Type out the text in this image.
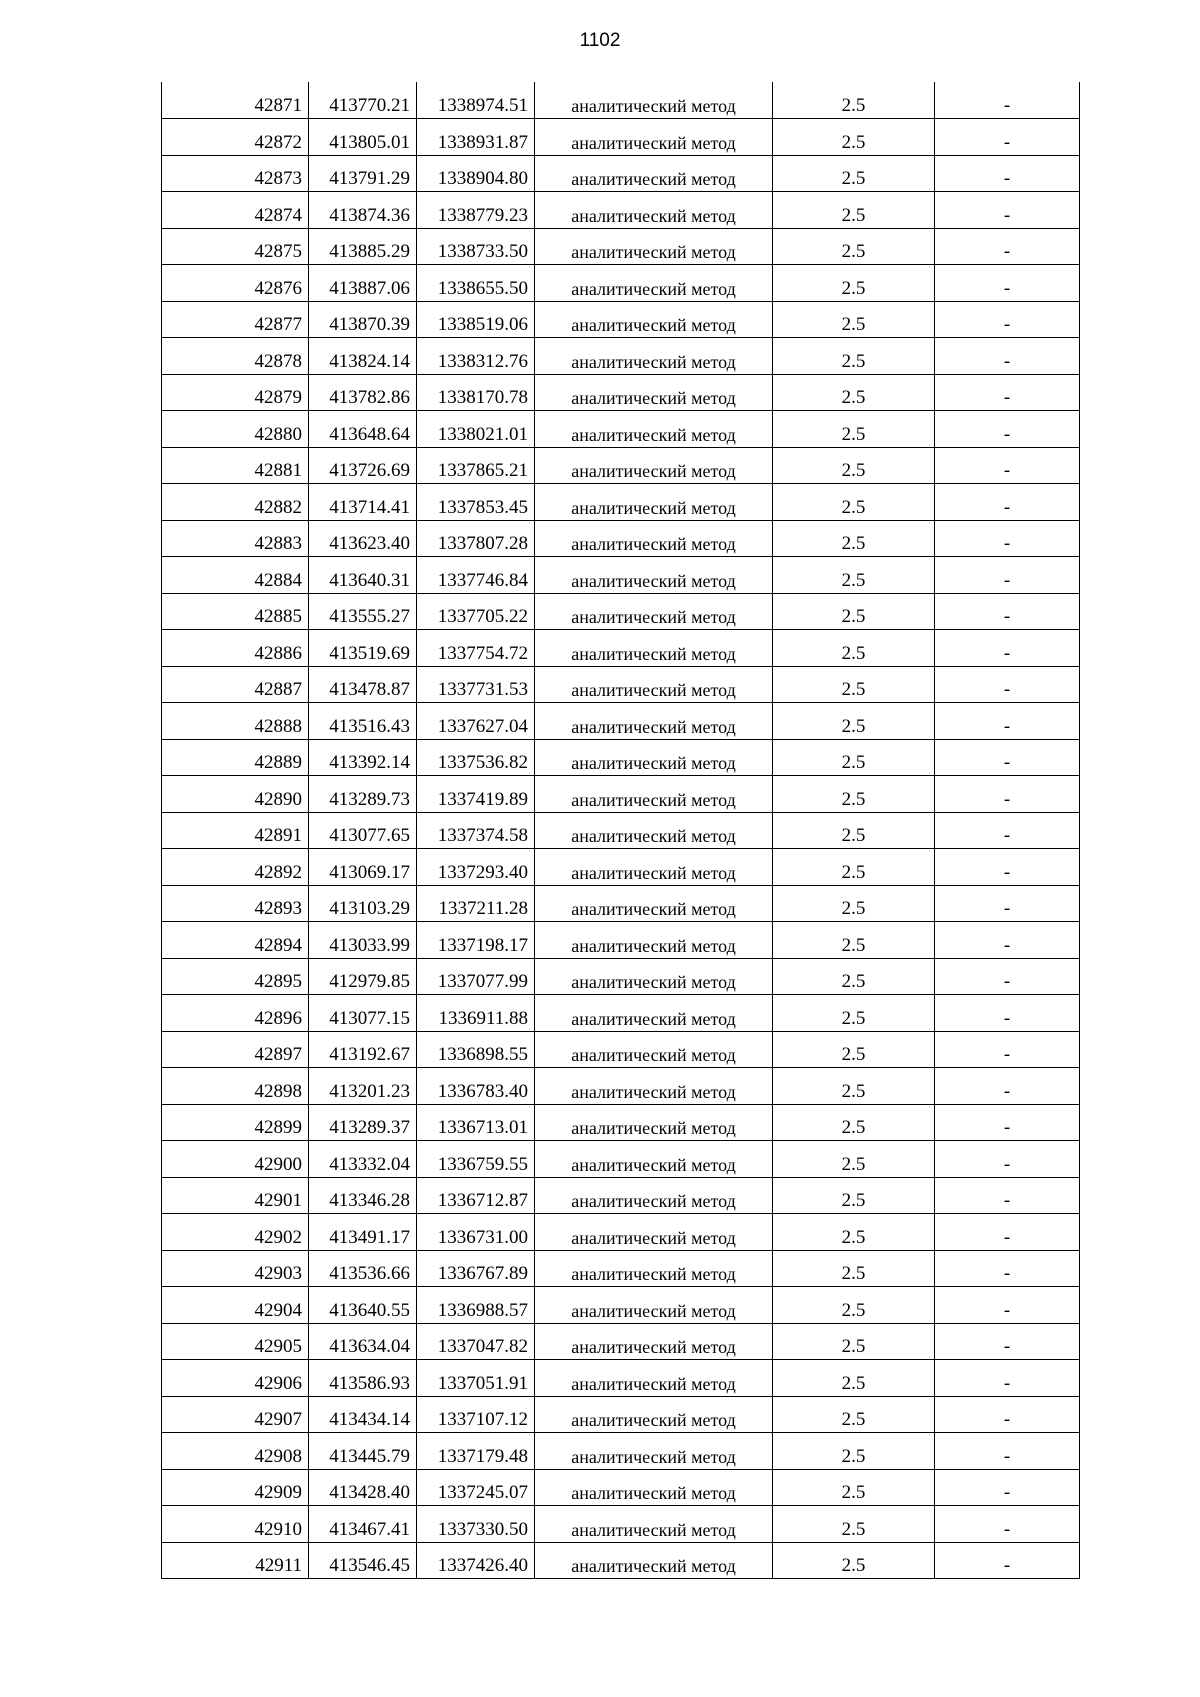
1102
42871	413770.21	1338974.51	аналитический метод	2.5	-
42872	413805.01	1338931.87	аналитический метод	2.5	-
42873	413791.29	1338904.80	аналитический метод	2.5	-
42874	413874.36	1338779.23	аналитический метод	2.5	-
42875	413885.29	1338733.50	аналитический метод	2.5	-
42876	413887.06	1338655.50	аналитический метод	2.5	-
42877	413870.39	1338519.06	аналитический метод	2.5	-
42878	413824.14	1338312.76	аналитический метод	2.5	-
42879	413782.86	1338170.78	аналитический метод	2.5	-
42880	413648.64	1338021.01	аналитический метод	2.5	-
42881	413726.69	1337865.21	аналитический метод	2.5	-
42882	413714.41	1337853.45	аналитический метод	2.5	-
42883	413623.40	1337807.28	аналитический метод	2.5	-
42884	413640.31	1337746.84	аналитический метод	2.5	-
42885	413555.27	1337705.22	аналитический метод	2.5	-
42886	413519.69	1337754.72	аналитический метод	2.5	-
42887	413478.87	1337731.53	аналитический метод	2.5	-
42888	413516.43	1337627.04	аналитический метод	2.5	-
42889	413392.14	1337536.82	аналитический метод	2.5	-
42890	413289.73	1337419.89	аналитический метод	2.5	-
42891	413077.65	1337374.58	аналитический метод	2.5	-
42892	413069.17	1337293.40	аналитический метод	2.5	-
42893	413103.29	1337211.28	аналитический метод	2.5	-
42894	413033.99	1337198.17	аналитический метод	2.5	-
42895	412979.85	1337077.99	аналитический метод	2.5	-
42896	413077.15	1336911.88	аналитический метод	2.5	-
42897	413192.67	1336898.55	аналитический метод	2.5	-
42898	413201.23	1336783.40	аналитический метод	2.5	-
42899	413289.37	1336713.01	аналитический метод	2.5	-
42900	413332.04	1336759.55	аналитический метод	2.5	-
42901	413346.28	1336712.87	аналитический метод	2.5	-
42902	413491.17	1336731.00	аналитический метод	2.5	-
42903	413536.66	1336767.89	аналитический метод	2.5	-
42904	413640.55	1336988.57	аналитический метод	2.5	-
42905	413634.04	1337047.82	аналитический метод	2.5	-
42906	413586.93	1337051.91	аналитический метод	2.5	-
42907	413434.14	1337107.12	аналитический метод	2.5	-
42908	413445.79	1337179.48	аналитический метод	2.5	-
42909	413428.40	1337245.07	аналитический метод	2.5	-
42910	413467.41	1337330.50	аналитический метод	2.5	-
42911	413546.45	1337426.40	аналитический метод	2.5	-
